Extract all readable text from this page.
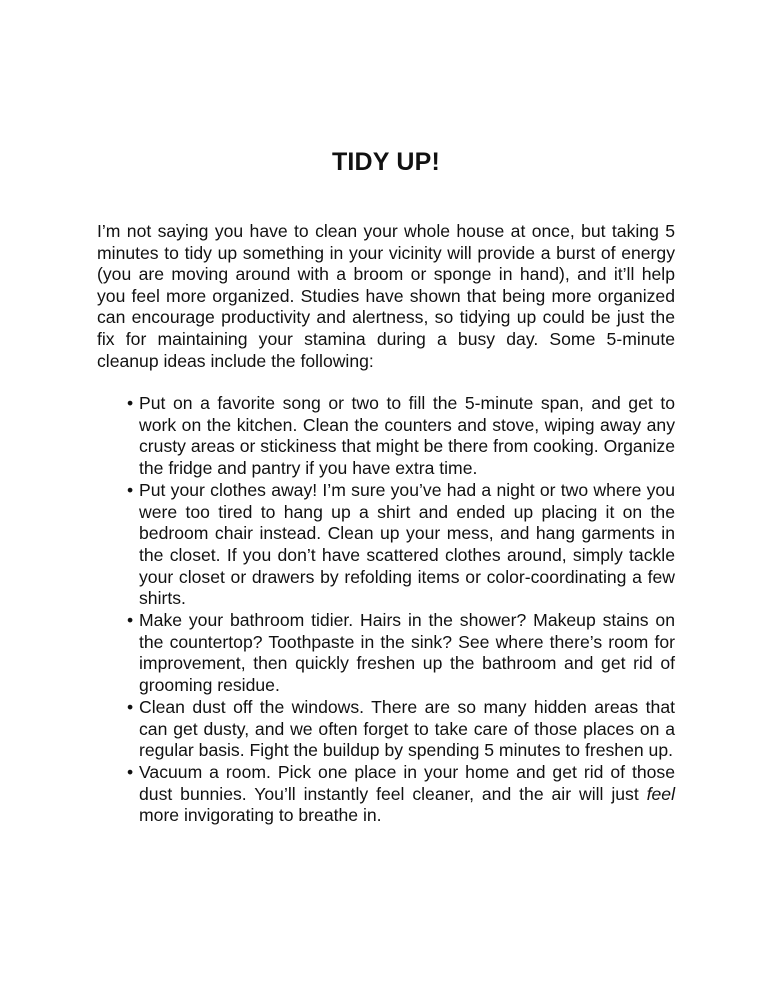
TIDY UP!

I’m not saying you have to clean your whole house at once, but taking 5 minutes to tidy up something in your vicinity will provide a burst of energy (you are moving around with a broom or sponge in hand), and it’ll help you feel more organized. Studies have shown that being more organized can encourage productivity and alertness, so tidying up could be just the fix for maintaining your stamina during a busy day. Some 5-minute cleanup ideas include the following:

• Put on a favorite song or two to fill the 5-minute span, and get to work on the kitchen. Clean the counters and stove, wiping away any crusty areas or stickiness that might be there from cooking. Organize the fridge and pantry if you have extra time.
• Put your clothes away! I’m sure you’ve had a night or two where you were too tired to hang up a shirt and ended up placing it on the bedroom chair instead. Clean up your mess, and hang garments in the closet. If you don’t have scattered clothes around, simply tackle your closet or drawers by refolding items or color-coordinating a few shirts.
• Make your bathroom tidier. Hairs in the shower? Makeup stains on the countertop? Toothpaste in the sink? See where there’s room for improvement, then quickly freshen up the bathroom and get rid of grooming residue.
• Clean dust off the windows. There are so many hidden areas that can get dusty, and we often forget to take care of those places on a regular basis. Fight the buildup by spending 5 minutes to freshen up.
• Vacuum a room. Pick one place in your home and get rid of those dust bunnies. You’ll instantly feel cleaner, and the air will just feel more invigorating to breathe in.
